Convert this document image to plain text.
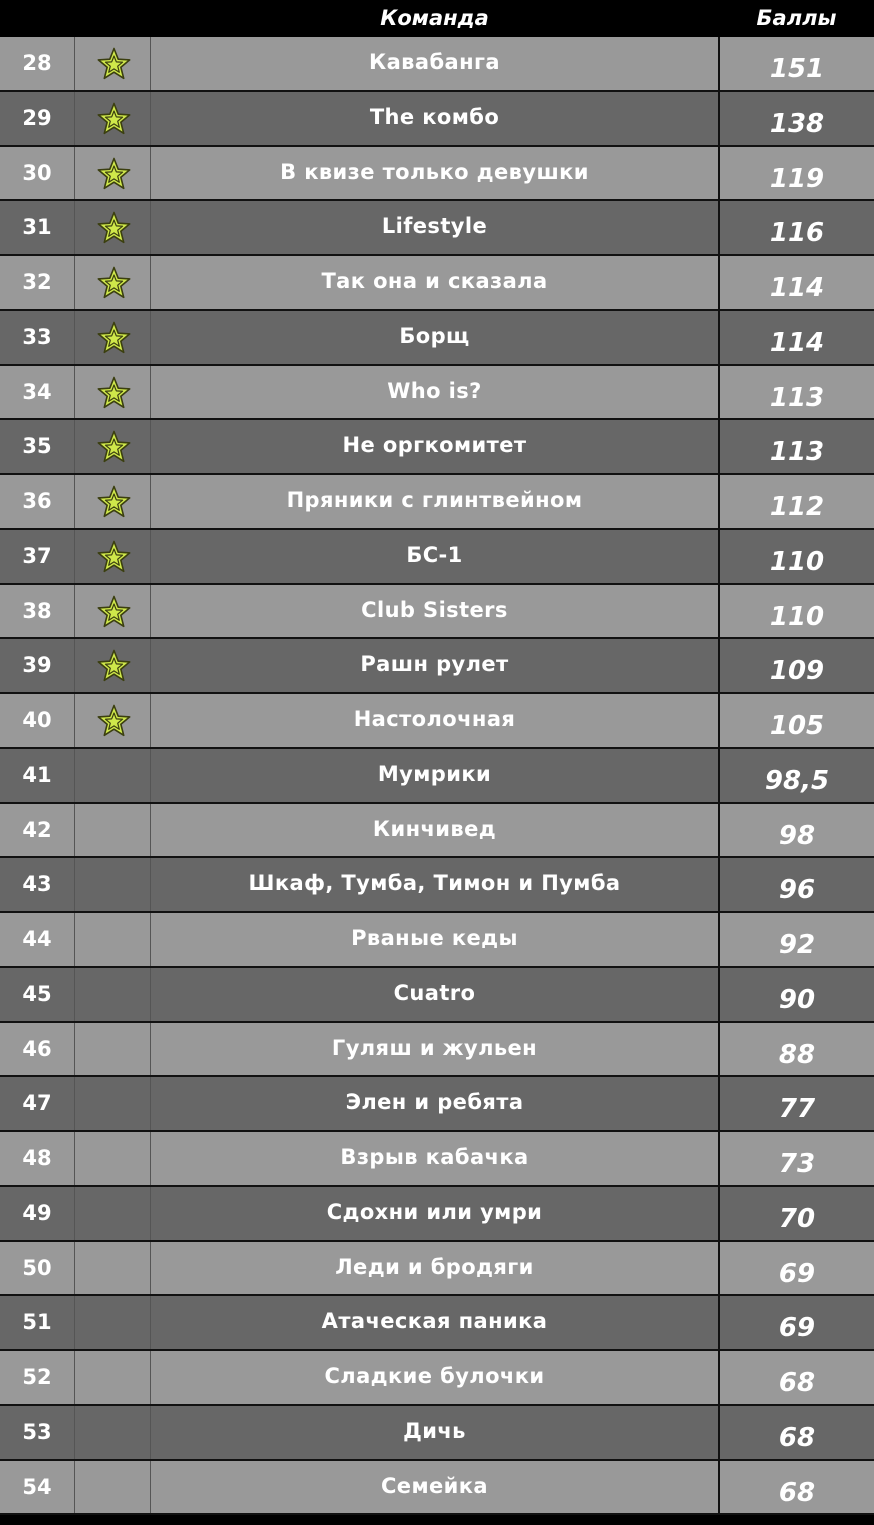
Команда	Баллы
28	Кавабанга	151
29	The комбо	138
30	В квизе только девушки	119
31	Lifestyle	116
32	Так она и сказала	114
33	Борщ	114
34	Who is?	113
35	Не оргкомитет	113
36	Пряники с глинтвейном	112
37	БС-1	110
38	Club Sisters	110
39	Рашн рулет	109
40	Настолочная	105
41	Мумрики	98,5
42	Кинчивед	98
43	Шкаф, Тумба, Тимон и Пумба	96
44	Рваные кеды	92
45	Cuatro	90
46	Гуляш и жульен	88
47	Элен и ребята	77
48	Взрыв кабачка	73
49	Сдохни или умри	70
50	Леди и бродяги	69
51	Атаческая паника	69
52	Сладкие булочки	68
53	Дичь	68
54	Семейка	68
